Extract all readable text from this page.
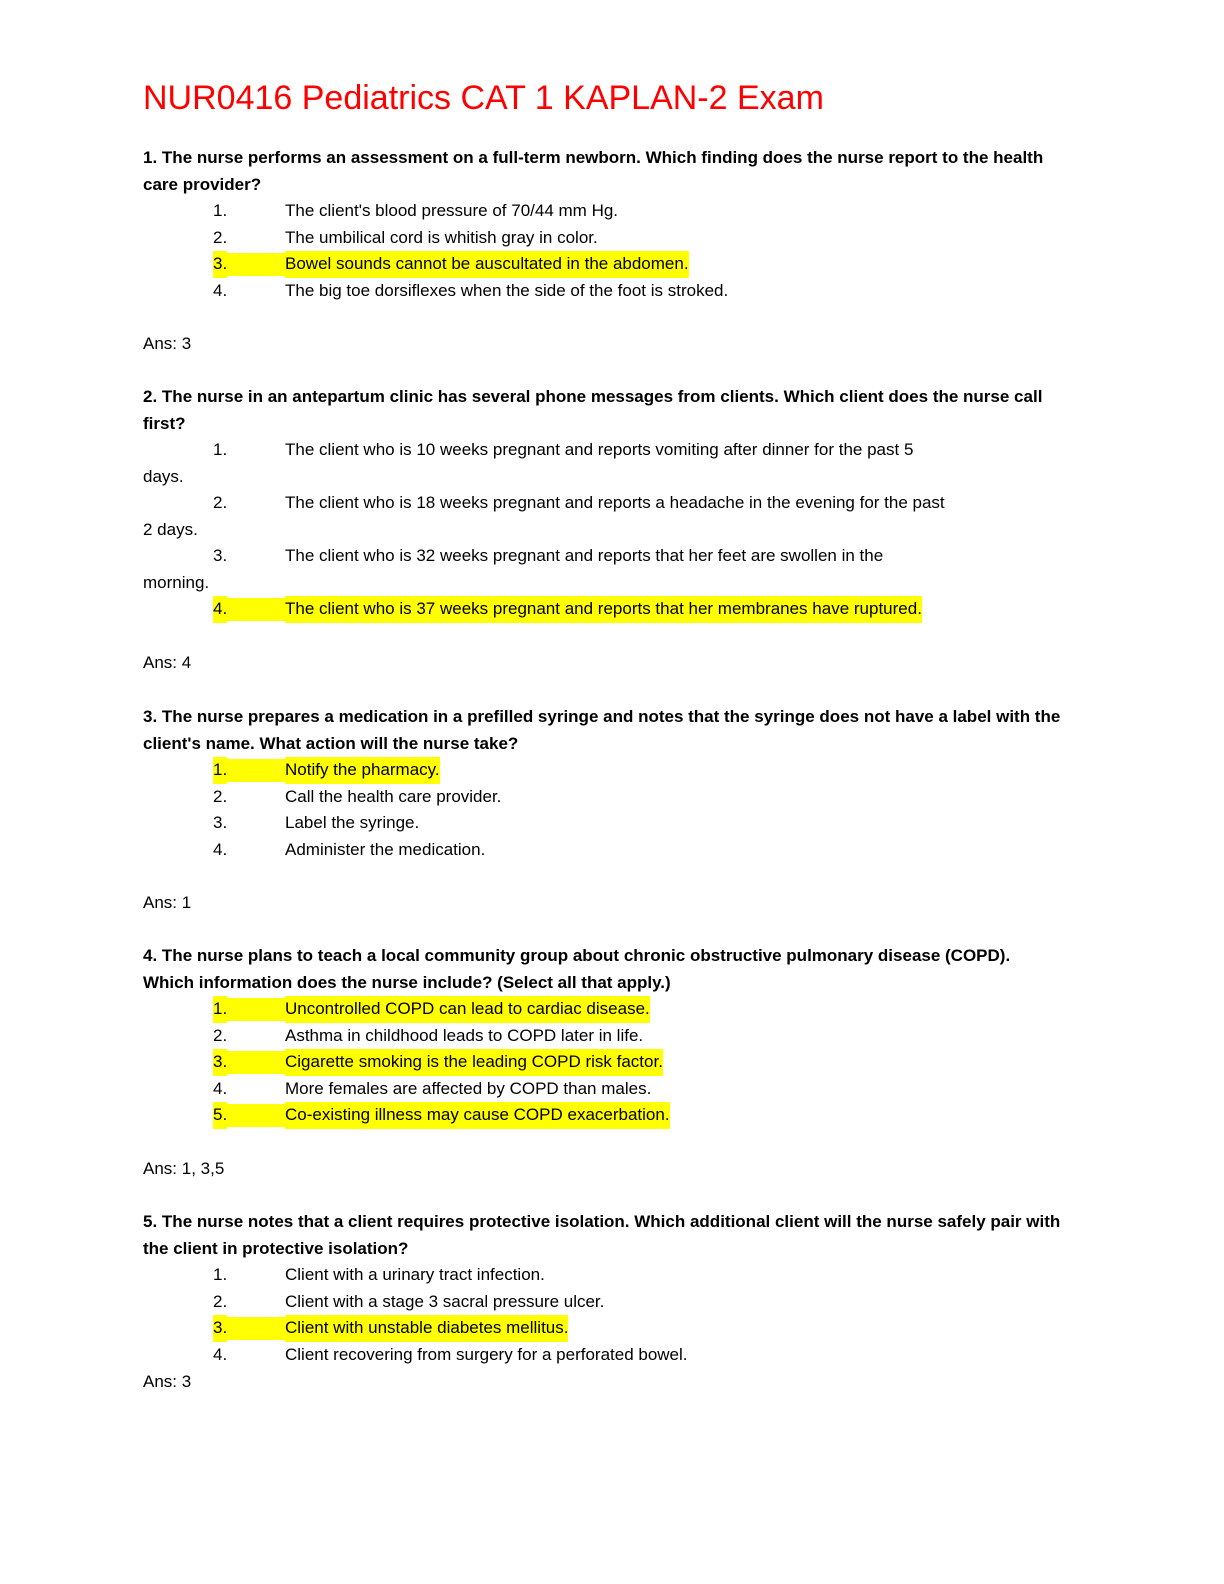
NUR0416 Pediatrics CAT 1 KAPLAN-2 Exam

1. The nurse performs an assessment on a full-term newborn. Which finding does the nurse report to the health care provider?

1.	The client's blood pressure of 70/44 mm Hg.
2.	The umbilical cord is whitish gray in color.
3.	Bowel sounds cannot be auscultated in the abdomen.
4.	The big toe dorsiflexes when the side of the foot is stroked.
Ans: 3

2. The nurse in an antepartum clinic has several phone messages from clients. Which client does the nurse call first?

1.	The client who is 10 weeks pregnant and reports vomiting after dinner for the past 5
days.
2.	The client who is 18 weeks pregnant and reports a headache in the evening for the past
2 days.
3.	The client who is 32 weeks pregnant and reports that her feet are swollen in the
morning.
4.	The client who is 37 weeks pregnant and reports that her membranes have ruptured.
Ans: 4

3. The nurse prepares a medication in a prefilled syringe and notes that the syringe does not have a label with the client's name. What action will the nurse take?

1.	Notify the pharmacy.
2.	Call the health care provider.
3.	Label the syringe.
4.	Administer the medication.
Ans: 1

4. The nurse plans to teach a local community group about chronic obstructive pulmonary disease (COPD). Which information does the nurse include? (Select all that apply.)

1.	Uncontrolled COPD can lead to cardiac disease.
2.	Asthma in childhood leads to COPD later in life.
3.	Cigarette smoking is the leading COPD risk factor.
4.	More females are affected by COPD than males.
5.	Co-existing illness may cause COPD exacerbation.
Ans: 1, 3,5

5. The nurse notes that a client requires protective isolation. Which additional client will the nurse safely pair with the client in protective isolation?

1.	Client with a urinary tract infection.
2.	Client with a stage 3 sacral pressure ulcer.
3.	Client with unstable diabetes mellitus.
4.	Client recovering from surgery for a perforated bowel.
Ans: 3
